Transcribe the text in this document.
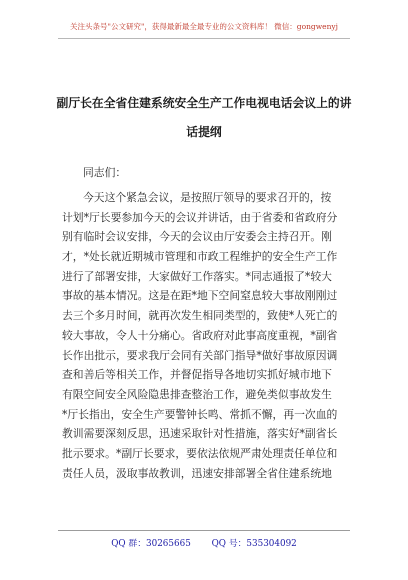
关注头条号"公文研究"，获得最新最全最专业的公文资料库！ 微信：gongwenyj
副厅长在全省住建系统安全生产工作电视电话会议上的讲
话提纲
同志们：
今天这个紧急会议，是按照厅领导的要求召开的，按
计划*厅长要参加今天的会议并讲话，由于省委和省政府分
别有临时会议安排，今天的会议由厅安委会主持召开。刚
才，*处长就近期城市管理和市政工程维护的安全生产工作
进行了部署安排，大家做好工作落实。*同志通报了*较大
事故的基本情况。这是在距*地下空间窒息较大事故刚刚过
去三个多月时间，就再次发生相同类型的，致使*人死亡的
较大事故，令人十分痛心。省政府对此事高度重视，*副省
长作出批示，要求我厅会同有关部门指导*做好事故原因调
查和善后等相关工作，并督促指导各地切实抓好城市地下
有限空间安全风险隐患排查整治工作，避免类似事故发生
*厅长指出，安全生产要警钟长鸣、常抓不懈，再一次血的
教训需要深刻反思，迅速采取针对性措施，落实好*副省长
批示要求。*副厅长要求，要依法依规严肃处理责任单位和
责任人员，汲取事故教训，迅速安排部署全省住建系统地
QQ 群：30265665 QQ 号：535304092
